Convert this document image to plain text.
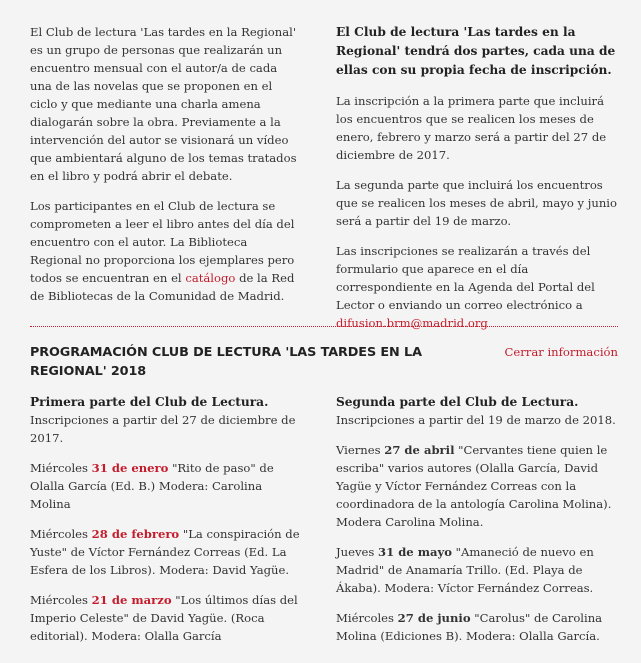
El Club de lectura 'Las tardes en la Regional' es un grupo de personas que realizarán un encuentro mensual con el autor/a de cada una de las novelas que se proponen en el ciclo y que mediante una charla amena dialogarán sobre la obra. Previamente a la intervención del autor se visionará un vídeo que ambientará alguno de los temas tratados en el libro y podrá abrir el debate.

Los participantes en el Club de lectura se comprometen a leer el libro antes del día del encuentro con el autor. La Biblioteca Regional no proporciona los ejemplares pero todos se encuentran en el catálogo de la Red de Bibliotecas de la Comunidad de Madrid.

El Club de lectura 'Las tardes en la Regional' tendrá dos partes, cada una de ellas con su propia fecha de inscripción.

La inscripción a la primera parte que incluirá los encuentros que se realicen los meses de enero, febrero y marzo será a partir del 27 de diciembre de 2017.

La segunda parte que incluirá los encuentros que se realicen los meses de abril, mayo y junio será a partir del 19 de marzo.

Las inscripciones se realizarán a través del formulario que aparece en el día correspondiente en la Agenda del Portal del Lector o enviando un correo electrónico a difusion.brm@madrid.org

PROGRAMACIÓN CLUB DE LECTURA 'LAS TARDES EN LA REGIONAL' 2018
Cerrar información
Primera parte del Club de Lectura.

Inscripciones a partir del 27 de diciembre de 2017.

Miércoles 31 de enero "Rito de paso" de Olalla García (Ed. B.) Modera: Carolina Molina

Miércoles 28 de febrero "La conspiración de Yuste" de Víctor Fernández Correas (Ed. La Esfera de los Libros). Modera: David Yagüe.

Miércoles 21 de marzo "Los últimos días del Imperio Celeste" de David Yagüe. (Roca editorial). Modera: Olalla García

Segunda parte del Club de Lectura.

Inscripciones a partir del 19 de marzo de 2018.

Viernes 27 de abril "Cervantes tiene quien le escriba" varios autores (Olalla García, David Yagüe y Víctor Fernández Correas con la coordinadora de la antología Carolina Molina). Modera Carolina Molina.

Jueves 31 de mayo "Amaneció de nuevo en Madrid" de Anamaría Trillo. (Ed. Playa de Ákaba). Modera: Víctor Fernández Correas.

Miércoles 27 de junio "Carolus" de Carolina Molina (Ediciones B). Modera: Olalla García.
